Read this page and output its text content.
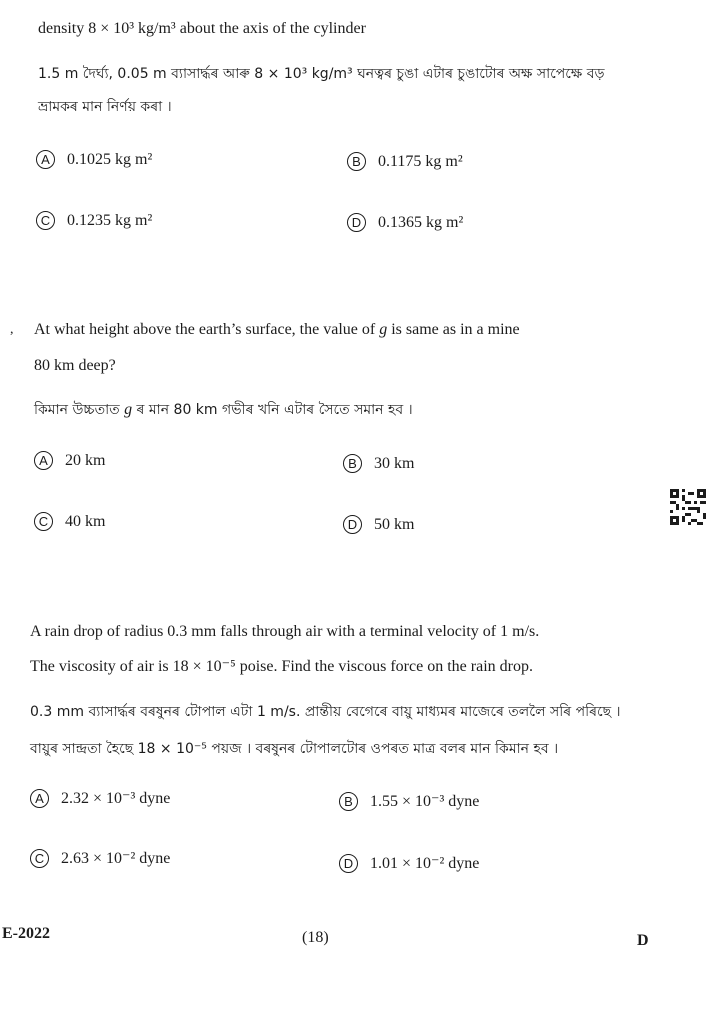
density 8 × 10³ kg/m³ about the axis of the cylinder
1.5 m দৈৰ্ঘ্য, 0.05 m ব্যাসাৰ্দ্ধৰ আৰু 8 × 10³ kg/m³ ঘনত্বৰ চুঙা এটাৰ চুঙাটোৰ অক্ষ সাপেক্ষে বড়
ভ্ৰামকৰ মান নিৰ্ণয় কৰা ।
A	0.1025 kg m²	B	0.1175 kg m²
C	0.1235 kg m²	D	0.1365 kg m²
, At what height above the earth’s surface, the value of g is same as in a mine
80 km deep?
কিমান উচ্চতাত g ৰ মান 80 km গভীৰ খনি এটাৰ সৈতে সমান হব ।
A	20 km	B	30 km
C	40 km	D	50 km
A rain drop of radius 0.3 mm falls through air with a terminal velocity of 1 m/s.
The viscosity of air is 18 × 10⁻⁵ poise. Find the viscous force on the rain drop.
0.3 mm ব্যাসাৰ্দ্ধৰ বৰষুনৰ টোপাল এটা 1 m/s. প্ৰান্তীয় বেগেৰে বায়ু মাধ্যমৰ মাজেৰে তললৈ সৰি পৰিছে ।
বায়ুৰ সান্দ্ৰতা হৈছে 18 × 10⁻⁵ পয়জ । বৰষুনৰ টোপালটোৰ ওপৰত মাত্ৰ বলৰ মান কিমান হব ।
A	2.32 × 10⁻³ dyne	B	1.55 × 10⁻³ dyne
C	2.63 × 10⁻² dyne	D	1.01 × 10⁻² dyne
E-2022	(18)	D
